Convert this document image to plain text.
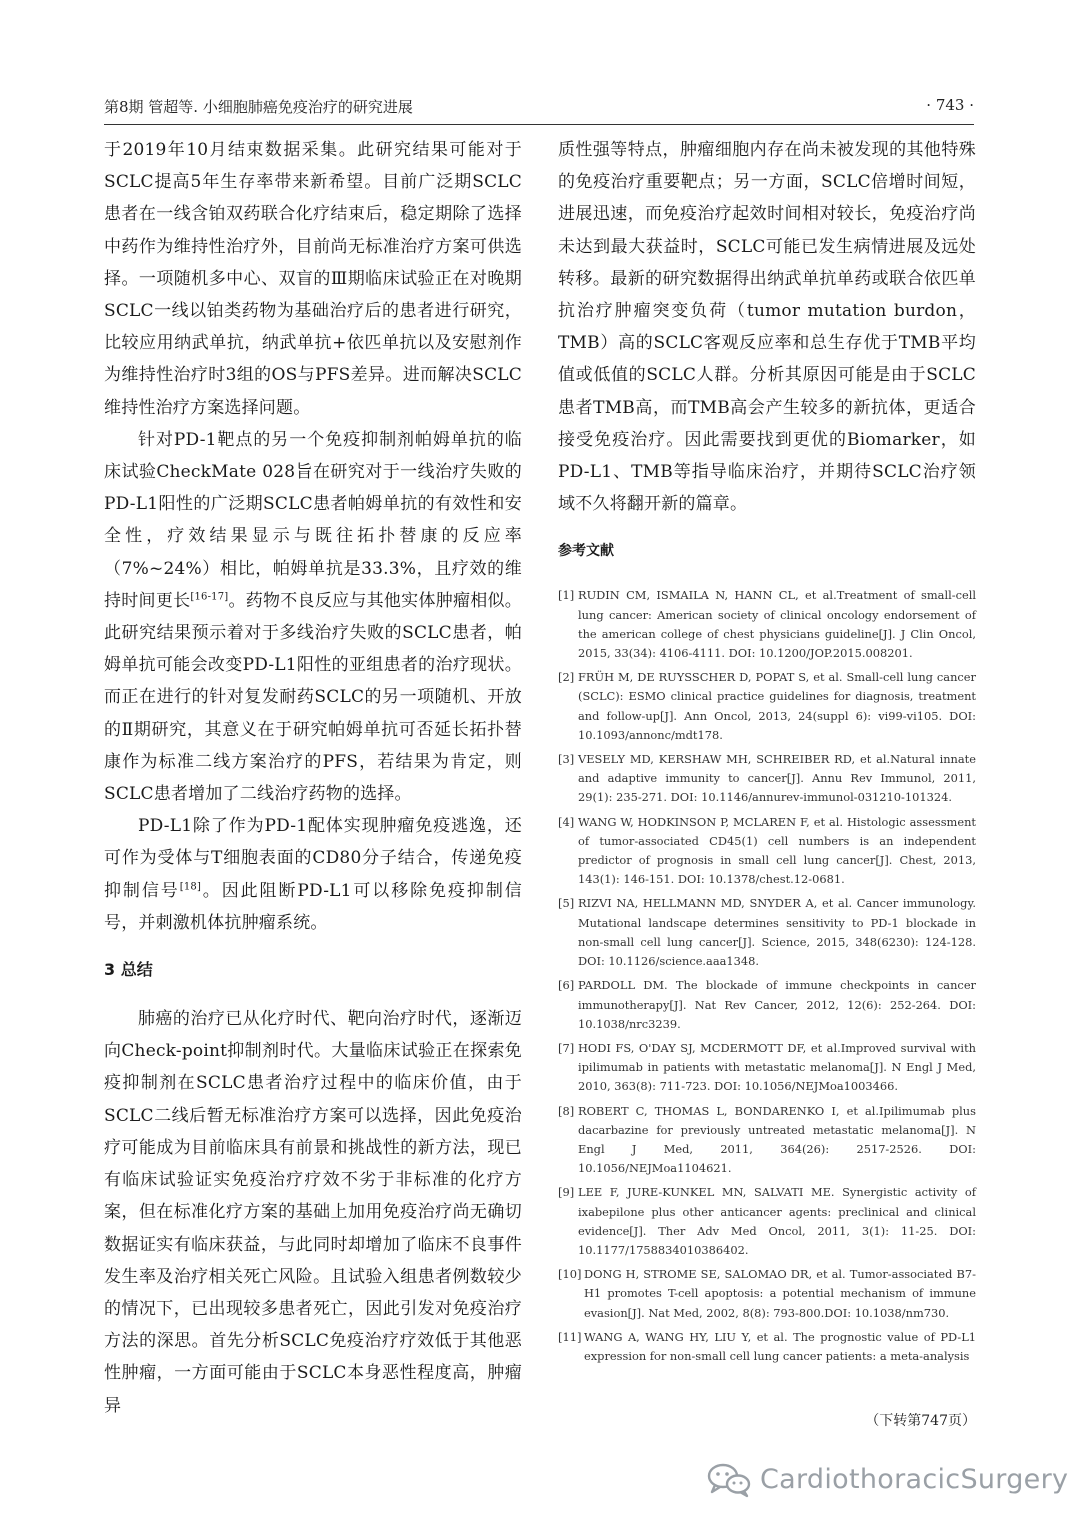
第8期 管超等. 小细胞肺癌免疫治疗的研究进展	· 743 ·

于2019年10月结束数据采集。此研究结果可能对于SCLC提高5年生存率带来新希望。目前广泛期SCLC患者在一线含铂双药联合化疗结束后，稳定期除了选择中药作为维持性治疗外，目前尚无标准治疗方案可供选择。一项随机多中心、双盲的Ⅲ期临床试验正在对晚期SCLC一线以铂类药物为基础治疗后的患者进行研究，比较应用纳武单抗，纳武单抗+依匹单抗以及安慰剂作为维持性治疗时3组的OS与PFS差异。进而解决SCLC维持性治疗方案选择问题。

针对PD-1靶点的另一个免疫抑制剂帕姆单抗的临床试验CheckMate 028旨在研究对于一线治疗失败的PD-L1阳性的广泛期SCLC患者帕姆单抗的有效性和安全性，疗效结果显示与既往拓扑替康的反应率（7%~24%）相比，帕姆单抗是33.3%，且疗效的维持时间更长[16-17]。药物不良反应与其他实体肿瘤相似。此研究结果预示着对于多线治疗失败的SCLC患者，帕姆单抗可能会改变PD-L1阳性的亚组患者的治疗现状。而正在进行的针对复发耐药SCLC的另一项随机、开放的Ⅱ期研究，其意义在于研究帕姆单抗可否延长拓扑替康作为标准二线方案治疗的PFS，若结果为肯定，则SCLC患者增加了二线治疗药物的选择。

PD-L1除了作为PD-1配体实现肿瘤免疫逃逸，还可作为受体与T细胞表面的CD80分子结合，传递免疫抑制信号[18]。因此阻断PD-L1可以移除免疫抑制信号，并刺激机体抗肿瘤系统。

3 总结

肺癌的治疗已从化疗时代、靶向治疗时代，逐渐迈向Check-point抑制剂时代。大量临床试验正在探索免疫抑制剂在SCLC患者治疗过程中的临床价值，由于SCLC二线后暂无标准治疗方案可以选择，因此免疫治疗可能成为目前临床具有前景和挑战性的新方法，现已有临床试验证实免疫治疗疗效不劣于非标准的化疗方案，但在标准化疗方案的基础上加用免疫治疗尚无确切数据证实有临床获益，与此同时却增加了临床不良事件发生率及治疗相关死亡风险。且试验入组患者例数较少的情况下，已出现较多患者死亡，因此引发对免疫治疗方法的深思。首先分析SCLC免疫治疗疗效低于其他恶性肿瘤，一方面可能由于SCLC本身恶性程度高，肿瘤异

质性强等特点，肿瘤细胞内存在尚未被发现的其他特殊的免疫治疗重要靶点；另一方面，SCLC倍增时间短，进展迅速，而免疫治疗起效时间相对较长，免疫治疗尚未达到最大获益时，SCLC可能已发生病情进展及远处转移。最新的研究数据得出纳武单抗单药或联合依匹单抗治疗肿瘤突变负荷（tumor mutation burdon，TMB）高的SCLC客观反应率和总生存优于TMB平均值或低值的SCLC人群。分析其原因可能是由于SCLC患者TMB高，而TMB高会产生较多的新抗体，更适合接受免疫治疗。因此需要找到更优的Biomarker，如PD-L1、TMB等指导临床治疗，并期待SCLC治疗领域不久将翻开新的篇章。

参考文献
[1] RUDIN CM, ISMAILA N, HANN CL, et al.Treatment of small-cell lung cancer: American society of clinical oncology endorsement of the american college of chest physicians guideline[J]. J Clin Oncol, 2015, 33(34): 4106-4111. DOI: 10.1200/JOP.2015.008201.
[2] FRÜH M, DE RUYSSCHER D, POPAT S, et al. Small-cell lung cancer (SCLC): ESMO clinical practice guidelines for diagnosis, treatment and follow-up[J]. Ann Oncol, 2013, 24(suppl 6): vi99-vi105. DOI: 10.1093/annonc/mdt178.
[3] VESELY MD, KERSHAW MH, SCHREIBER RD, et al.Natural innate and adaptive immunity to cancer[J]. Annu Rev Immunol, 2011, 29(1): 235-271. DOI: 10.1146/annurev-immunol-031210-101324.
[4] WANG W, HODKINSON P, MCLAREN F, et al. Histologic assessment of tumor-associated CD45(1) cell numbers is an independent predictor of prognosis in small cell lung cancer[J]. Chest, 2013, 143(1): 146-151. DOI: 10.1378/chest.12-0681.
[5] RIZVI NA, HELLMANN MD, SNYDER A, et al. Cancer immunology. Mutational landscape determines sensitivity to PD-1 blockade in non-small cell lung cancer[J]. Science, 2015, 348(6230): 124-128. DOI: 10.1126/science.aaa1348.
[6] PARDOLL DM. The blockade of immune checkpoints in cancer immunotherapy[J]. Nat Rev Cancer, 2012, 12(6): 252-264. DOI: 10.1038/nrc3239.
[7] HODI FS, O'DAY SJ, MCDERMOTT DF, et al.Improved survival with ipilimumab in patients with metastatic melanoma[J]. N Engl J Med, 2010, 363(8): 711-723. DOI: 10.1056/NEJMoa1003466.
[8] ROBERT C, THOMAS L, BONDARENKO I, et al.Ipilimumab plus dacarbazine for previously untreated metastatic melanoma[J]. N Engl J Med, 2011, 364(26): 2517-2526. DOI: 10.1056/NEJMoa1104621.
[9] LEE F, JURE-KUNKEL MN, SALVATI ME. Synergistic activity of ixabepilone plus other anticancer agents: preclinical and clinical evidence[J]. Ther Adv Med Oncol, 2011, 3(1): 11-25. DOI: 10.1177/1758834010386402.
[10] DONG H, STROME SE, SALOMAO DR, et al. Tumor-associated B7-H1 promotes T-cell apoptosis: a potential mechanism of immune evasion[J]. Nat Med, 2002, 8(8): 793-800.DOI: 10.1038/nm730.
[11] WANG A, WANG HY, LIU Y, et al. The prognostic value of PD-L1 expression for non-small cell lung cancer patients: a meta-analysis
（下转第747页）
CardiothoracicSurgery
